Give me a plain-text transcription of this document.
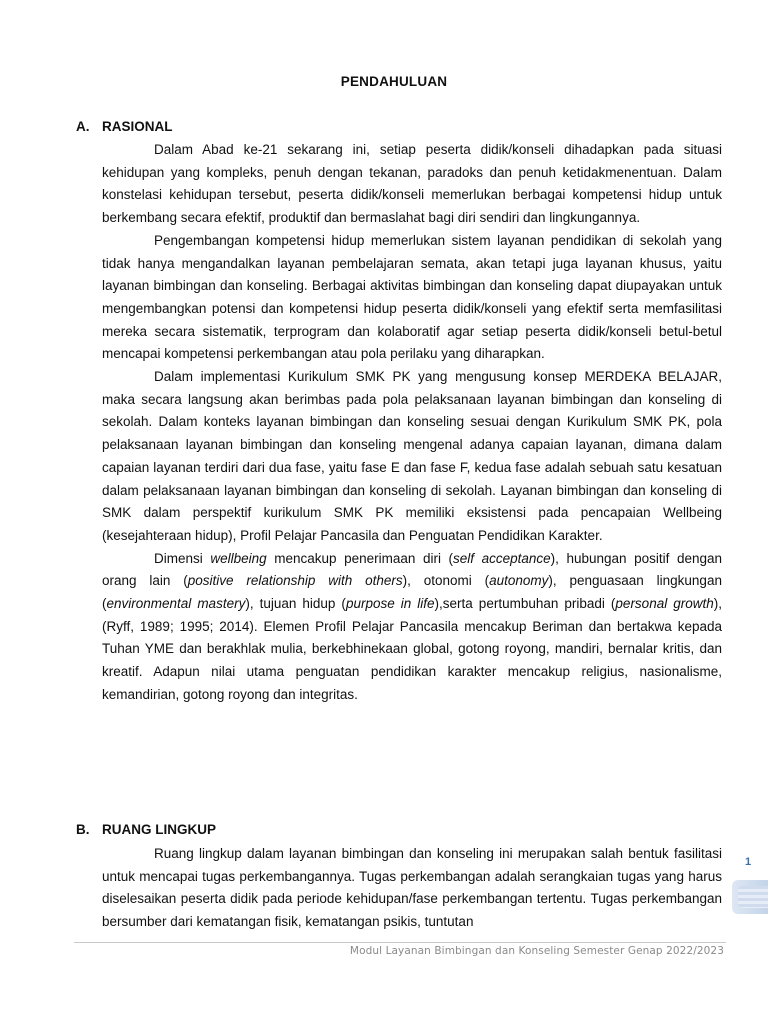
PENDAHULUAN
A. RASIONAL

Dalam Abad ke-21 sekarang ini, setiap peserta didik/konseli dihadapkan pada situasi kehidupan yang kompleks, penuh dengan tekanan, paradoks dan penuh ketidakmenentuan. Dalam konstelasi kehidupan tersebut, peserta didik/konseli memerlukan berbagai kompetensi hidup untuk berkembang secara efektif, produktif dan bermaslahat bagi diri sendiri dan lingkungannya.

Pengembangan kompetensi hidup memerlukan sistem layanan pendidikan di sekolah yang tidak hanya mengandalkan layanan pembelajaran semata, akan tetapi juga layanan khusus, yaitu layanan bimbingan dan konseling. Berbagai aktivitas bimbingan dan konseling dapat diupayakan untuk mengembangkan potensi dan kompetensi hidup peserta didik/konseli yang efektif serta memfasilitasi mereka secara sistematik, terprogram dan kolaboratif agar setiap peserta didik/konseli betul-betul mencapai kompetensi perkembangan atau pola perilaku yang diharapkan.

Dalam implementasi Kurikulum SMK PK yang mengusung konsep MERDEKA BELAJAR, maka secara langsung akan berimbas pada pola pelaksanaan layanan bimbingan dan konseling di sekolah. Dalam konteks layanan bimbingan dan konseling sesuai dengan Kurikulum SMK PK, pola pelaksanaan layanan bimbingan dan konseling mengenal adanya capaian layanan, dimana dalam capaian layanan terdiri dari dua fase, yaitu fase E dan fase F, kedua fase adalah sebuah satu kesatuan dalam pelaksanaan layanan bimbingan dan konseling di sekolah. Layanan bimbingan dan konseling di SMK dalam perspektif kurikulum SMK PK memiliki eksistensi pada pencapaian Wellbeing (kesejahteraan hidup), Profil Pelajar Pancasila dan Penguatan Pendidikan Karakter.

Dimensi wellbeing mencakup penerimaan diri (self acceptance), hubungan positif dengan orang lain (positive relationship with others), otonomi (autonomy), penguasaan lingkungan (environmental mastery), tujuan hidup (purpose in life),serta pertumbuhan pribadi (personal growth), (Ryff, 1989; 1995; 2014). Elemen Profil Pelajar Pancasila mencakup Beriman dan bertakwa kepada Tuhan YME dan berakhlak mulia, berkebhinekaan global, gotong royong, mandiri, bernalar kritis, dan kreatif. Adapun nilai utama penguatan pendidikan karakter mencakup religius, nasionalisme, kemandirian, gotong royong dan integritas.

B. RUANG LINGKUP

Ruang lingkup dalam layanan bimbingan dan konseling ini merupakan salah bentuk fasilitasi untuk mencapai tugas perkembangannya. Tugas perkembangan adalah serangkaian tugas yang harus diselesaikan peserta didik pada periode kehidupan/fase perkembangan tertentu. Tugas perkembangan bersumber dari kematangan fisik, kematangan psikis, tuntutan

1
Modul Layanan Bimbingan dan Konseling Semester Genap 2022/2023
